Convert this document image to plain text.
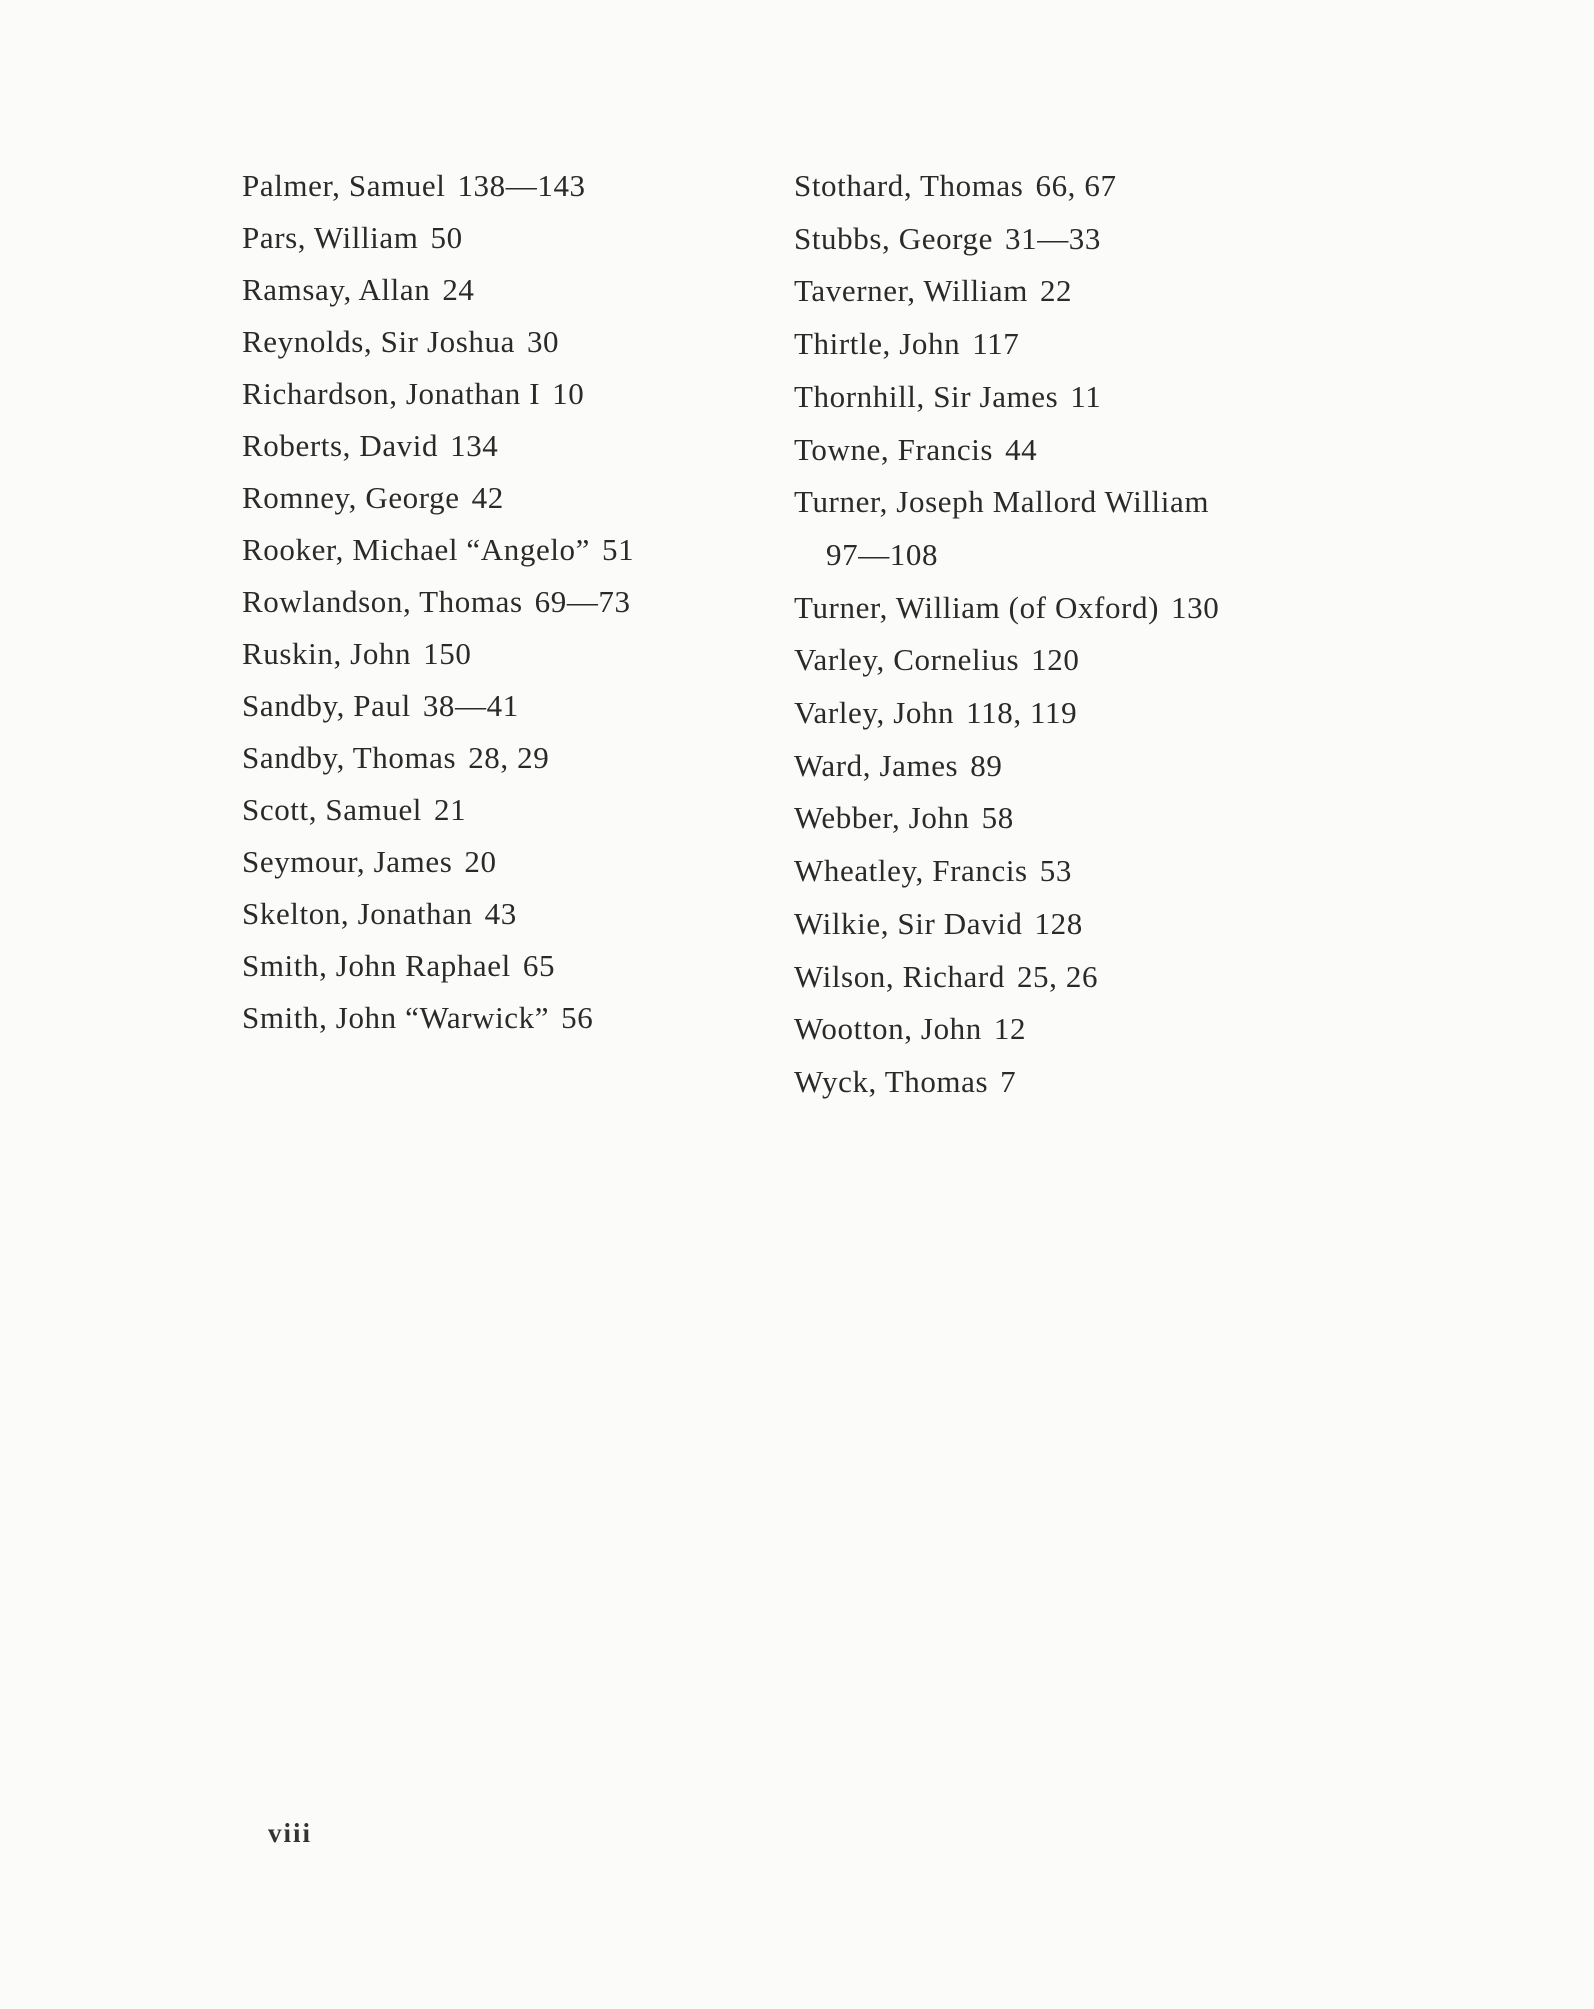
Palmer, Samuel 138—143
Pars, William 50
Ramsay, Allan 24
Reynolds, Sir Joshua 30
Richardson, Jonathan I 10
Roberts, David 134
Romney, George 42
Rooker, Michael “Angelo” 51
Rowlandson, Thomas 69—73
Ruskin, John 150
Sandby, Paul 38—41
Sandby, Thomas 28, 29
Scott, Samuel 21
Seymour, James 20
Skelton, Jonathan 43
Smith, John Raphael 65
Smith, John “Warwick” 56
Stothard, Thomas 66, 67
Stubbs, George 31—33
Taverner, William 22
Thirtle, John 117
Thornhill, Sir James 11
Towne, Francis 44
Turner, Joseph Mallord William
97—108
Turner, William (of Oxford) 130
Varley, Cornelius 120
Varley, John 118, 119
Ward, James 89
Webber, John 58
Wheatley, Francis 53
Wilkie, Sir David 128
Wilson, Richard 25, 26
Wootton, John 12
Wyck, Thomas 7
viii
